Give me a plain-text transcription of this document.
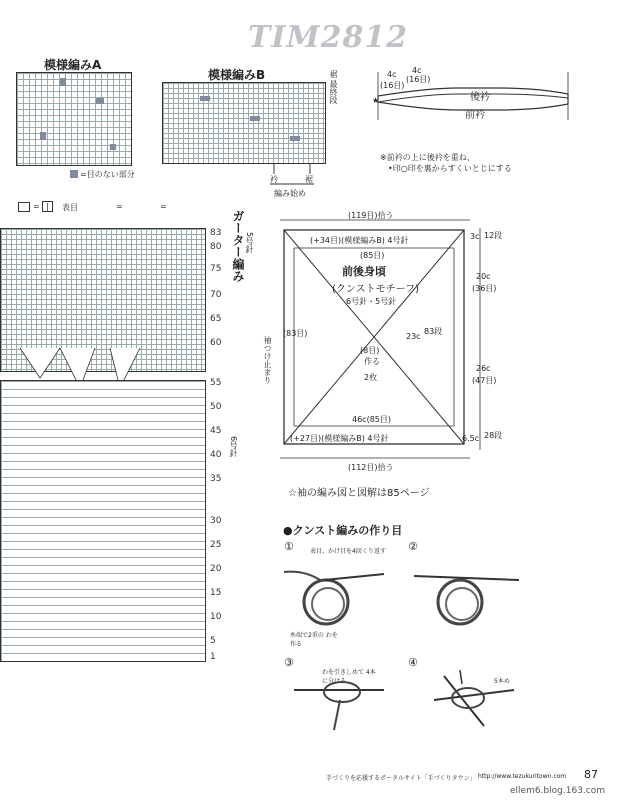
TIM2812
模様編みA
=目のない部分
模様編みB	裾
最終段
衿	裾
編み始め
4c
(16目)
4c
(16目)
後衿
前衿
★
※前衿の上に後衿を重ね、
•印○印を裏からすくいとじにする
= |	表目	=	=
ガーター編み 5号針
6号針
83
80
75
70
65
60
55
50
45
40
35
30
25
20
15
10
5
1
(119目)拾う
(+34目)(模様編みB) 4号針
(85目)
前後身頃
(クンストモチーフ)
6号針・5号針
(83目)
袖つけ止まり	23c
83段
(8目)
作る
2枚
46c(85目)
(+27目)(模様編みB) 4号針
(112目)拾う
3c 12段
20c
(36目)
26c
(47目)
6.5c 28段
☆袖の編み図と図解は85ページ
●クンスト編みの作り目
①	②
③	④
表目、かけ目を4回くり返す
糸端で2重の わを作る
わを引きしめて 4本に分ける	5本め
手づくりを応援するポータルサイト「手づくりタウン」 http://www.tezukuritown.com 87
ellem6.blog.163.com
